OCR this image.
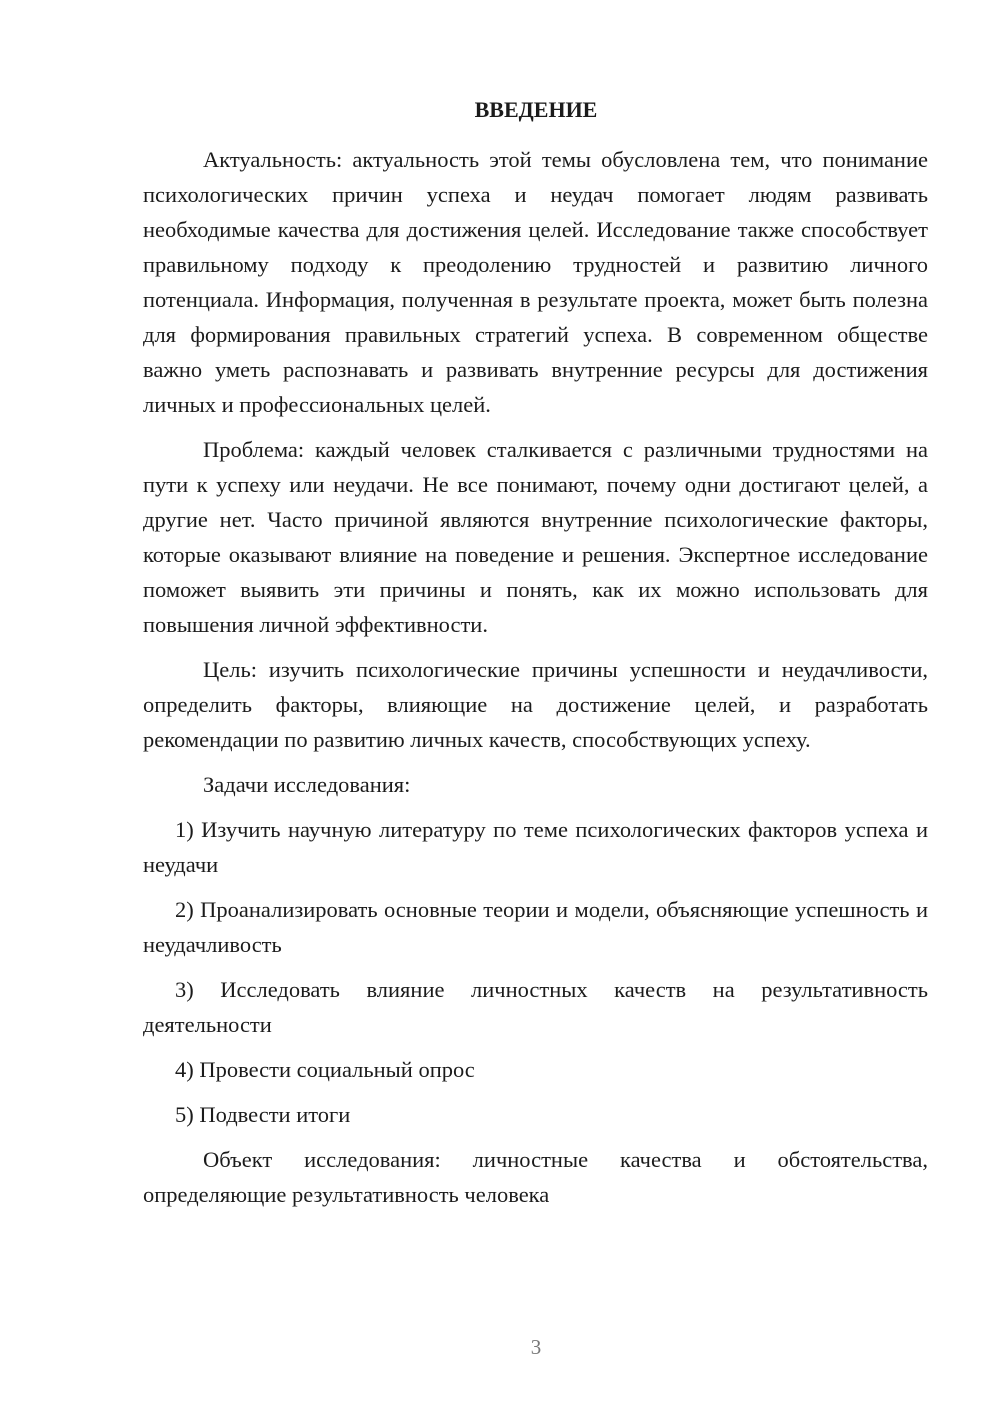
ВВЕДЕНИЕ

Актуальность: актуальность этой темы обусловлена тем, что понимание психологических причин успеха и неудач помогает людям развивать необходимые качества для достижения целей. Исследование также способствует правильному подходу к преодолению трудностей и развитию личного потенциала. Информация, полученная в результате проекта, может быть полезна для формирования правильных стратегий успеха. В современном обществе важно уметь распознавать и развивать внутренние ресурсы для достижения личных и профессиональных целей.

Проблема: каждый человек сталкивается с различными трудностями на пути к успеху или неудачи. Не все понимают, почему одни достигают целей, а другие нет. Часто причиной являются внутренние психологические факторы, которые оказывают влияние на поведение и решения. Экспертное исследование поможет выявить эти причины и понять, как их можно использовать для повышения личной эффективности.

Цель: изучить психологические причины успешности и неудачливости, определить факторы, влияющие на достижение целей, и разработать рекомендации по развитию личных качеств, способствующих успеху.

Задачи исследования:

1) Изучить научную литературу по теме психологических факторов успеха и неудачи

2) Проанализировать основные теории и модели, объясняющие успешность и неудачливость

3) Исследовать влияние личностных качеств на результативность деятельности

4) Провести социальный опрос

5) Подвести итоги

Объект исследования: личностные качества и обстоятельства, определяющие результативность человека

3
